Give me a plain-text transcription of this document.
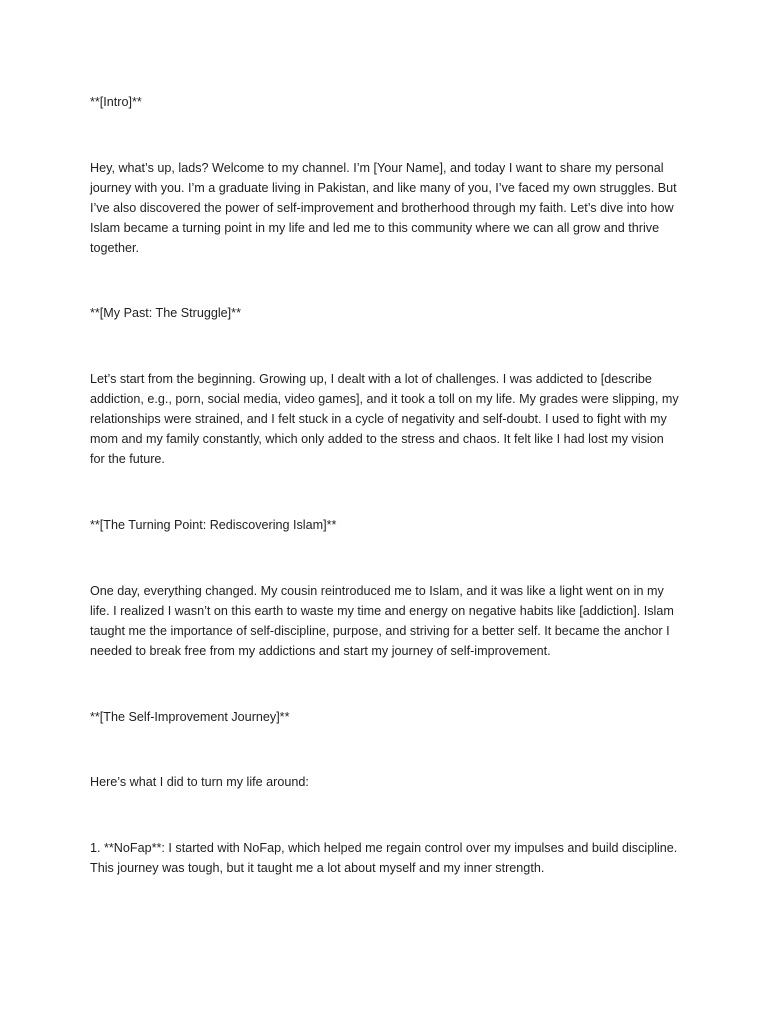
**[Intro]**

Hey, what’s up, lads? Welcome to my channel. I’m [Your Name], and today I want to share my personal journey with you. I’m a graduate living in Pakistan, and like many of you, I’ve faced my own struggles. But I’ve also discovered the power of self-improvement and brotherhood through my faith. Let’s dive into how Islam became a turning point in my life and led me to this community where we can all grow and thrive together.

**[My Past: The Struggle]**

Let’s start from the beginning. Growing up, I dealt with a lot of challenges. I was addicted to [describe addiction, e.g., porn, social media, video games], and it took a toll on my life. My grades were slipping, my relationships were strained, and I felt stuck in a cycle of negativity and self-doubt. I used to fight with my mom and my family constantly, which only added to the stress and chaos. It felt like I had lost my vision for the future.

**[The Turning Point: Rediscovering Islam]**

One day, everything changed. My cousin reintroduced me to Islam, and it was like a light went on in my life. I realized I wasn’t on this earth to waste my time and energy on negative habits like [addiction]. Islam taught me the importance of self-discipline, purpose, and striving for a better self. It became the anchor I needed to break free from my addictions and start my journey of self-improvement.

**[The Self-Improvement Journey]**

Here’s what I did to turn my life around:

1. **NoFap**: I started with NoFap, which helped me regain control over my impulses and build discipline. This journey was tough, but it taught me a lot about myself and my inner strength.
